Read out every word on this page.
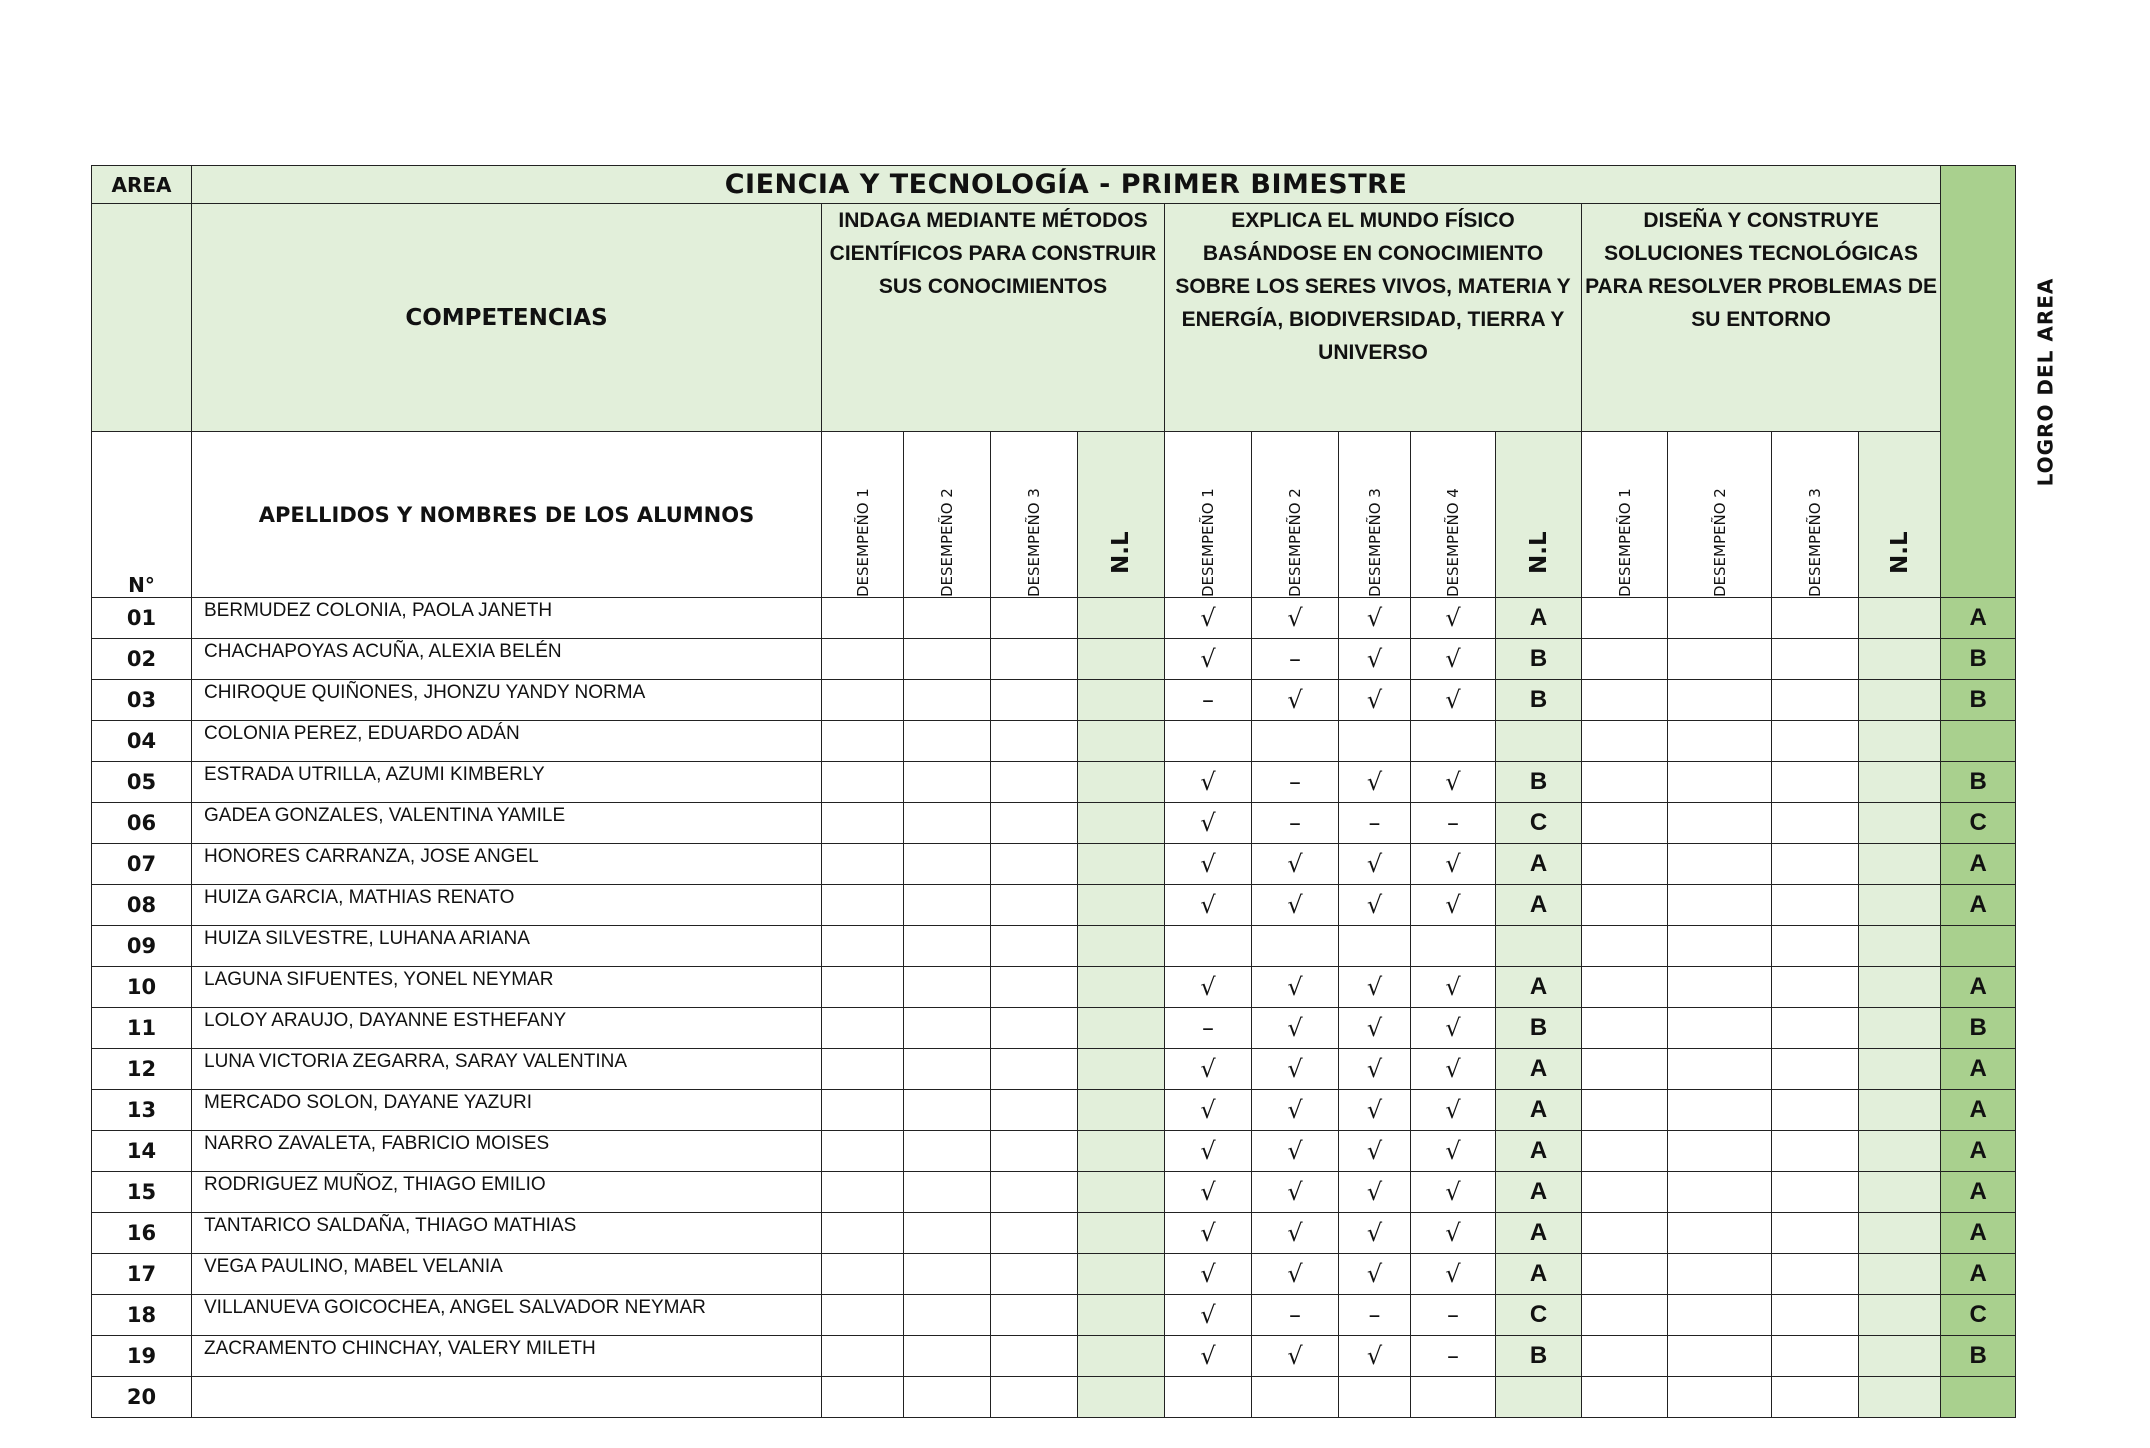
AREA	CIENCIA Y TECNOLOGÍA - PRIMER BIMESTRE														LOGRO DEL AREA
	COMPETENCIAS	INDAGA MEDIANTE MÉTODOS CIENTÍFICOS PARA CONSTRUIR SUS CONOCIMIENTOS				EXPLICA EL MUNDO FÍSICO BASÁNDOSE EN CONOCIMIENTO SOBRE LOS SERES VIVOS, MATERIA Y ENERGÍA, BIODIVERSIDAD, TIERRA Y UNIVERSO					DISEÑA Y CONSTRUYE SOLUCIONES TECNOLÓGICAS PARA RESOLVER PROBLEMAS DE SU ENTORNO				
N°	APELLIDOS Y NOMBRES DE LOS ALUMNOS	DESEMPEÑO 1	DESEMPEÑO 2	DESEMPEÑO 3	N.L	DESEMPEÑO 1	DESEMPEÑO 2	DESEMPEÑO 3	DESEMPEÑO 4	N.L	DESEMPEÑO 1	DESEMPEÑO 2	DESEMPEÑO 3	N.L	
01	BERMUDEZ COLONIA, PAOLA JANETH					√	√	√	√	A					A
02	CHACHAPOYAS ACUÑA, ALEXIA BELÉN					√	–	√	√	B					B
03	CHIROQUE QUIÑONES, JHONZU YANDY NORMA					–	√	√	√	B					B
04	COLONIA PEREZ, EDUARDO ADÁN														
05	ESTRADA UTRILLA, AZUMI KIMBERLY					√	–	√	√	B					B
06	GADEA GONZALES, VALENTINA YAMILE					√	–	–	–	C					C
07	HONORES CARRANZA, JOSE ANGEL					√	√	√	√	A					A
08	HUIZA GARCIA, MATHIAS RENATO					√	√	√	√	A					A
09	HUIZA SILVESTRE, LUHANA ARIANA														
10	LAGUNA SIFUENTES, YONEL NEYMAR					√	√	√	√	A					A
11	LOLOY ARAUJO, DAYANNE ESTHEFANY					–	√	√	√	B					B
12	LUNA VICTORIA ZEGARRA, SARAY VALENTINA					√	√	√	√	A					A
13	MERCADO SOLON, DAYANE YAZURI					√	√	√	√	A					A
14	NARRO ZAVALETA, FABRICIO MOISES					√	√	√	√	A					A
15	RODRIGUEZ MUÑOZ, THIAGO EMILIO					√	√	√	√	A					A
16	TANTARICO SALDAÑA, THIAGO MATHIAS					√	√	√	√	A					A
17	VEGA PAULINO, MABEL VELANIA					√	√	√	√	A					A
18	VILLANUEVA GOICOCHEA, ANGEL SALVADOR NEYMAR					√	–	–	–	C					C
19	ZACRAMENTO CHINCHAY, VALERY MILETH					√	√	√	–	B					B
20															
